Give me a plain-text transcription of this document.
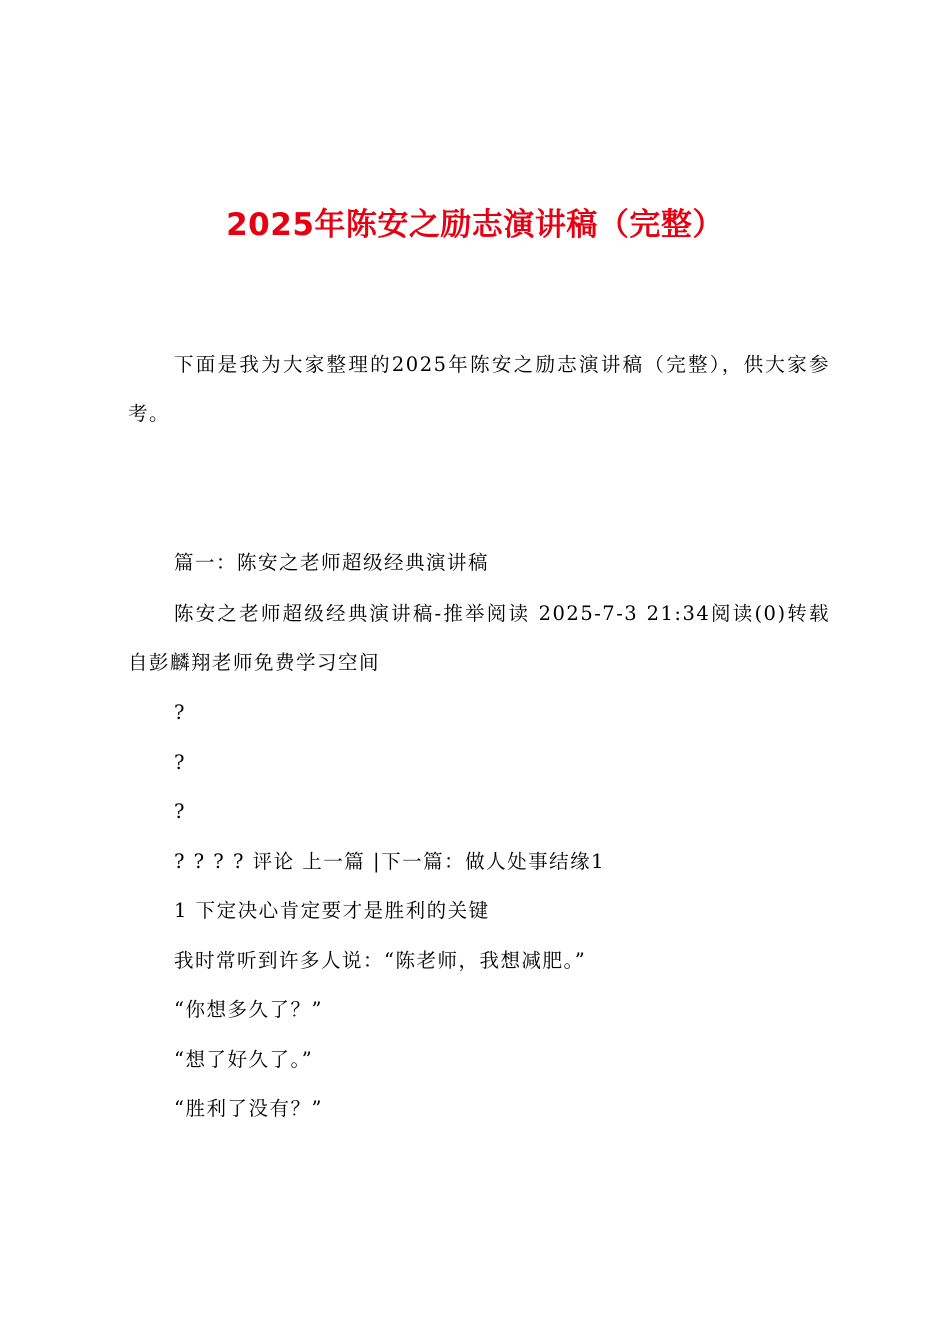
2025年陈安之励志演讲稿（完整）

下面是我为大家整理的2025年陈安之励志演讲稿（完整），供大家参考。

篇一：陈安之老师超级经典演讲稿

陈安之老师超级经典演讲稿-推举阅读 2025-7-3 21:34阅读(0)转载自彭麟翔老师免费学习空间

?

?

?

? ? ? ? 评论 上一篇 |下一篇：做人处事结缘1

1 下定决心肯定要才是胜利的关键

我时常听到许多人说：“陈老师，我想减肥。”

“你想多久了？”

“想了好久了。”

“胜利了没有？”
